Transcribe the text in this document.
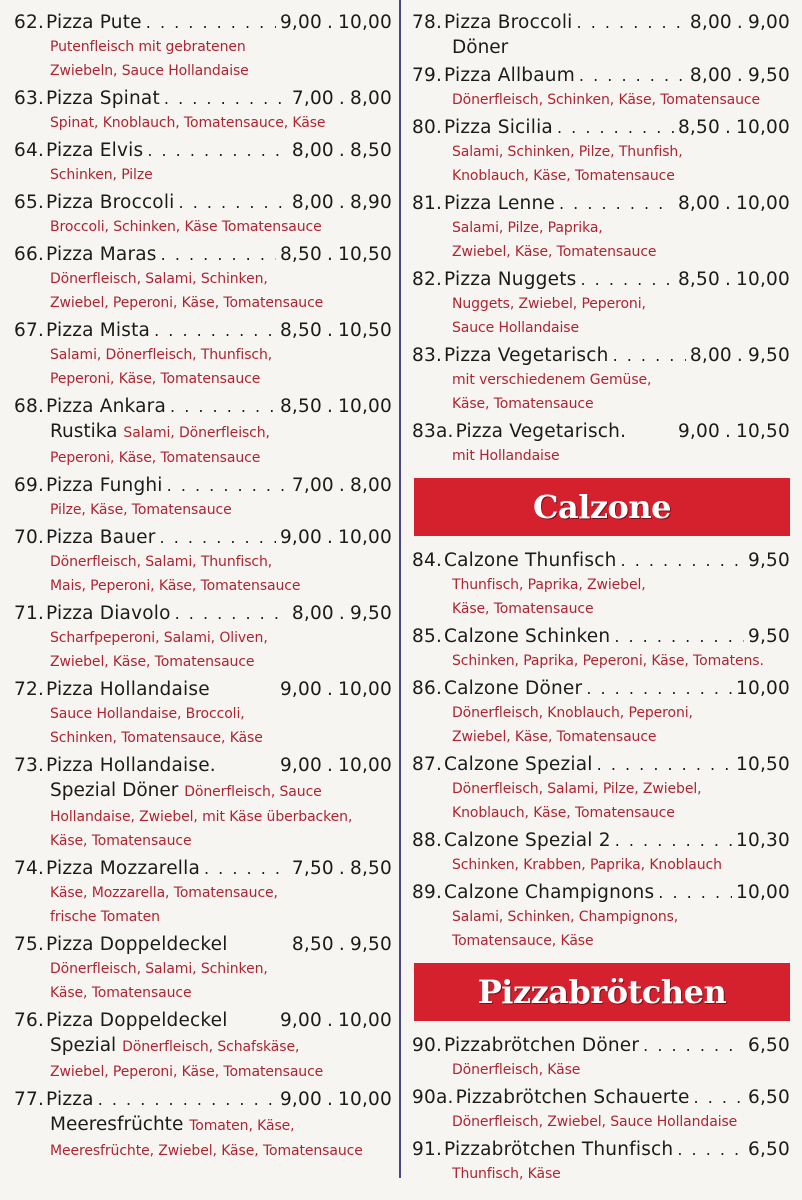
62. Pizza Pute . . .	9,00 . 10,00
Putenfleisch mit gebratenen
Zwiebeln, Sauce Hollandaise
63. Pizza Spinat . . .	7,00 . 8,00
Spinat, Knoblauch, Tomatensauce, Käse
64. Pizza Elvis . . .	8,00 . 8,50
Schinken, Pilze
65. Pizza Broccoli . . .	8,00 . 8,90
Broccoli, Schinken, Käse Tomatensauce
66. Pizza Maras . . .	8,50 . 10,50
Dönerfleisch, Salami, Schinken,
Zwiebel, Peperoni, Käse, Tomatensauce
67. Pizza Mista . . .	8,50 . 10,50
Salami, Dönerfleisch, Thunfisch,
Peperoni, Käse, Tomatensauce
68. Pizza Ankara . . .	8,50 . 10,00
Rustika Salami, Dönerfleisch,
Peperoni, Käse, Tomatensauce
69. Pizza Funghi . . .	7,00 . 8,00
Pilze, Käse, Tomatensauce
70. Pizza Bauer . . .	9,00 . 10,00
Dönerfleisch, Salami, Thunfisch,
Mais, Peperoni, Käse, Tomatensauce
71. Pizza Diavolo . . .	8,00 . 9,50
Scharfpeperoni, Salami, Oliven,
Zwiebel, Käse, Tomatensauce
72. Pizza Hollandaise	9,00 . 10,00
Sauce Hollandaise, Broccoli,
Schinken, Tomatensauce, Käse
73. Pizza Hollandaise.	9,00 . 10,00
Spezial Döner Dönerfleisch, Sauce
Hollandaise, Zwiebel, mit Käse überbacken,
Käse, Tomatensauce
74. Pizza Mozzarella . . .	7,50 . 8,50
Käse, Mozzarella, Tomatensauce,
frische Tomaten
75. Pizza Doppeldeckel	8,50 . 9,50
Dönerfleisch, Salami, Schinken,
Käse, Tomatensauce
76. Pizza Doppeldeckel	9,00 . 10,00
Spezial Dönerfleisch, Schafskäse,
Zwiebel, Peperoni, Käse, Tomatensauce
77. Pizza . . .	9,00 . 10,00
Meeresfrüchte Tomaten, Käse,
Meeresfrüchte, Zwiebel, Käse, Tomatensauce
78. Pizza Broccoli . . .	8,00 . 9,00
Döner
79. Pizza Allbaum . . .	8,00 . 9,50
Dönerfleisch, Schinken, Käse, Tomatensauce
80. Pizza Sicilia . . .	8,50 . 10,00
Salami, Schinken, Pilze, Thunfish,
Knoblauch, Käse, Tomatensauce
81. Pizza Lenne . . .	8,00 . 10,00
Salami, Pilze, Paprika,
Zwiebel, Käse, Tomatensauce
82. Pizza Nuggets . . .	8,50 . 10,00
Nuggets, Zwiebel, Peperoni,
Sauce Hollandaise
83. Pizza Vegetarisch . . .	8,00 . 9,50
mit verschiedenem Gemüse,
Käse, Tomatensauce
83a. Pizza Vegetarisch.	9,00 . 10,50
mit Hollandaise
Calzone
84. Calzone Thunfisch . . .	9,50
Thunfisch, Paprika, Zwiebel,
Käse, Tomatensauce
85. Calzone Schinken . . .	9,50
Schinken, Paprika, Peperoni, Käse, Tomatens.
86. Calzone Döner . . .	10,00
Dönerfleisch, Knoblauch, Peperoni,
Zwiebel, Käse, Tomatensauce
87. Calzone Spezial . . .	10,50
Dönerfleisch, Salami, Pilze, Zwiebel,
Knoblauch, Käse, Tomatensauce
88. Calzone Spezial 2 . . .	10,30
Schinken, Krabben, Paprika, Knoblauch
89. Calzone Champignons . . .	10,00
Salami, Schinken, Champignons,
Tomatensauce, Käse
Pizzabrötchen
90. Pizzabrötchen Döner . . .	6,50
Dönerfleisch, Käse
90a. Pizzabrötchen Schauerte . . .	6,50
Dönerfleisch, Zwiebel, Sauce Hollandaise
91. Pizzabrötchen Thunfisch . . .	6,50
Thunfisch, Käse
